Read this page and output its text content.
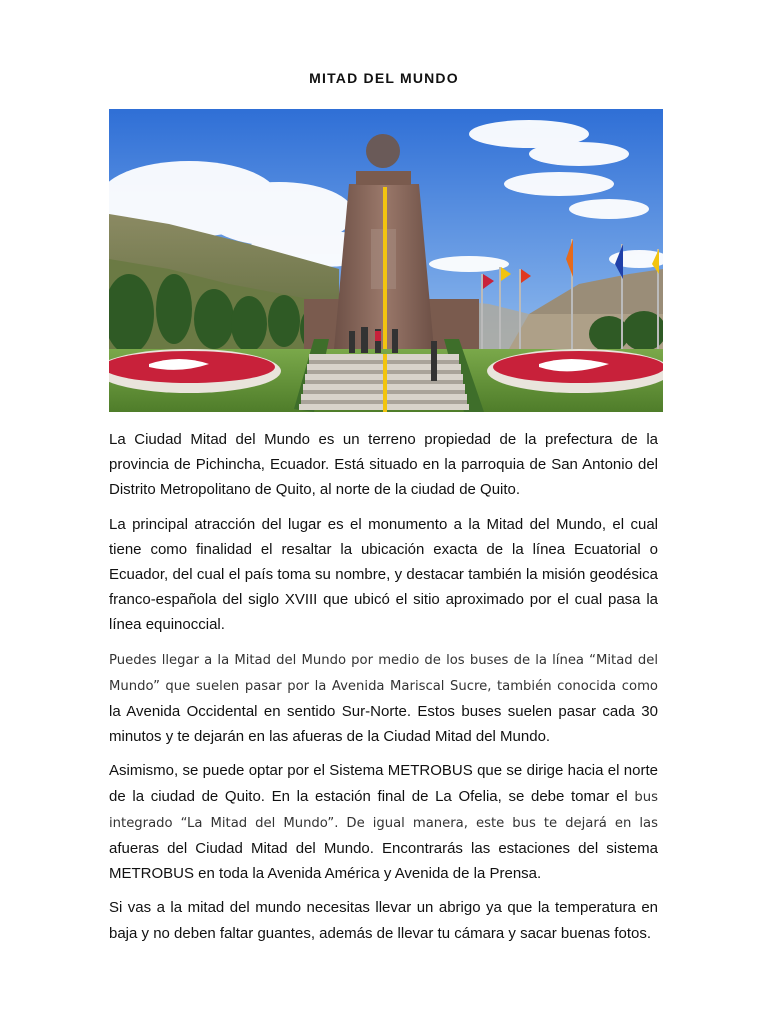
MITAD DEL MUNDO

La Ciudad Mitad del Mundo es un terreno propiedad de la prefectura de la provincia de Pichincha, Ecuador. Está situado en la parroquia de San Antonio del Distrito Metropolitano de Quito, al norte de la ciudad de Quito.

La principal atracción del lugar es el monumento a la Mitad del Mundo, el cual tiene como finalidad el resaltar la ubicación exacta de la línea Ecuatorial o Ecuador, del cual el país toma su nombre, y destacar también la misión geodésica franco-española del siglo XVIII que ubicó el sitio aproximado por el cual pasa la línea equinoccial.

Puedes llegar a la Mitad del Mundo por medio de los buses de la línea “Mitad del Mundo” que suelen pasar por la Avenida Mariscal Sucre, también conocida como la Avenida Occidental en sentido Sur-Norte. Estos buses suelen pasar cada 30 minutos y te dejarán en las afueras de la Ciudad Mitad del Mundo.

Asimismo, se puede optar por el Sistema METROBUS que se dirige hacia el norte de la ciudad de Quito. En la estación final de La Ofelia, se debe tomar el bus integrado “La Mitad del Mundo”. De igual manera, este bus te dejará en las afueras del Ciudad Mitad del Mundo. Encontrarás las estaciones del sistema METROBUS en toda la Avenida América y Avenida de la Prensa.

Si vas a la mitad del mundo necesitas llevar un abrigo ya que la temperatura en baja y no deben faltar guantes, además de llevar tu cámara y sacar buenas fotos.
